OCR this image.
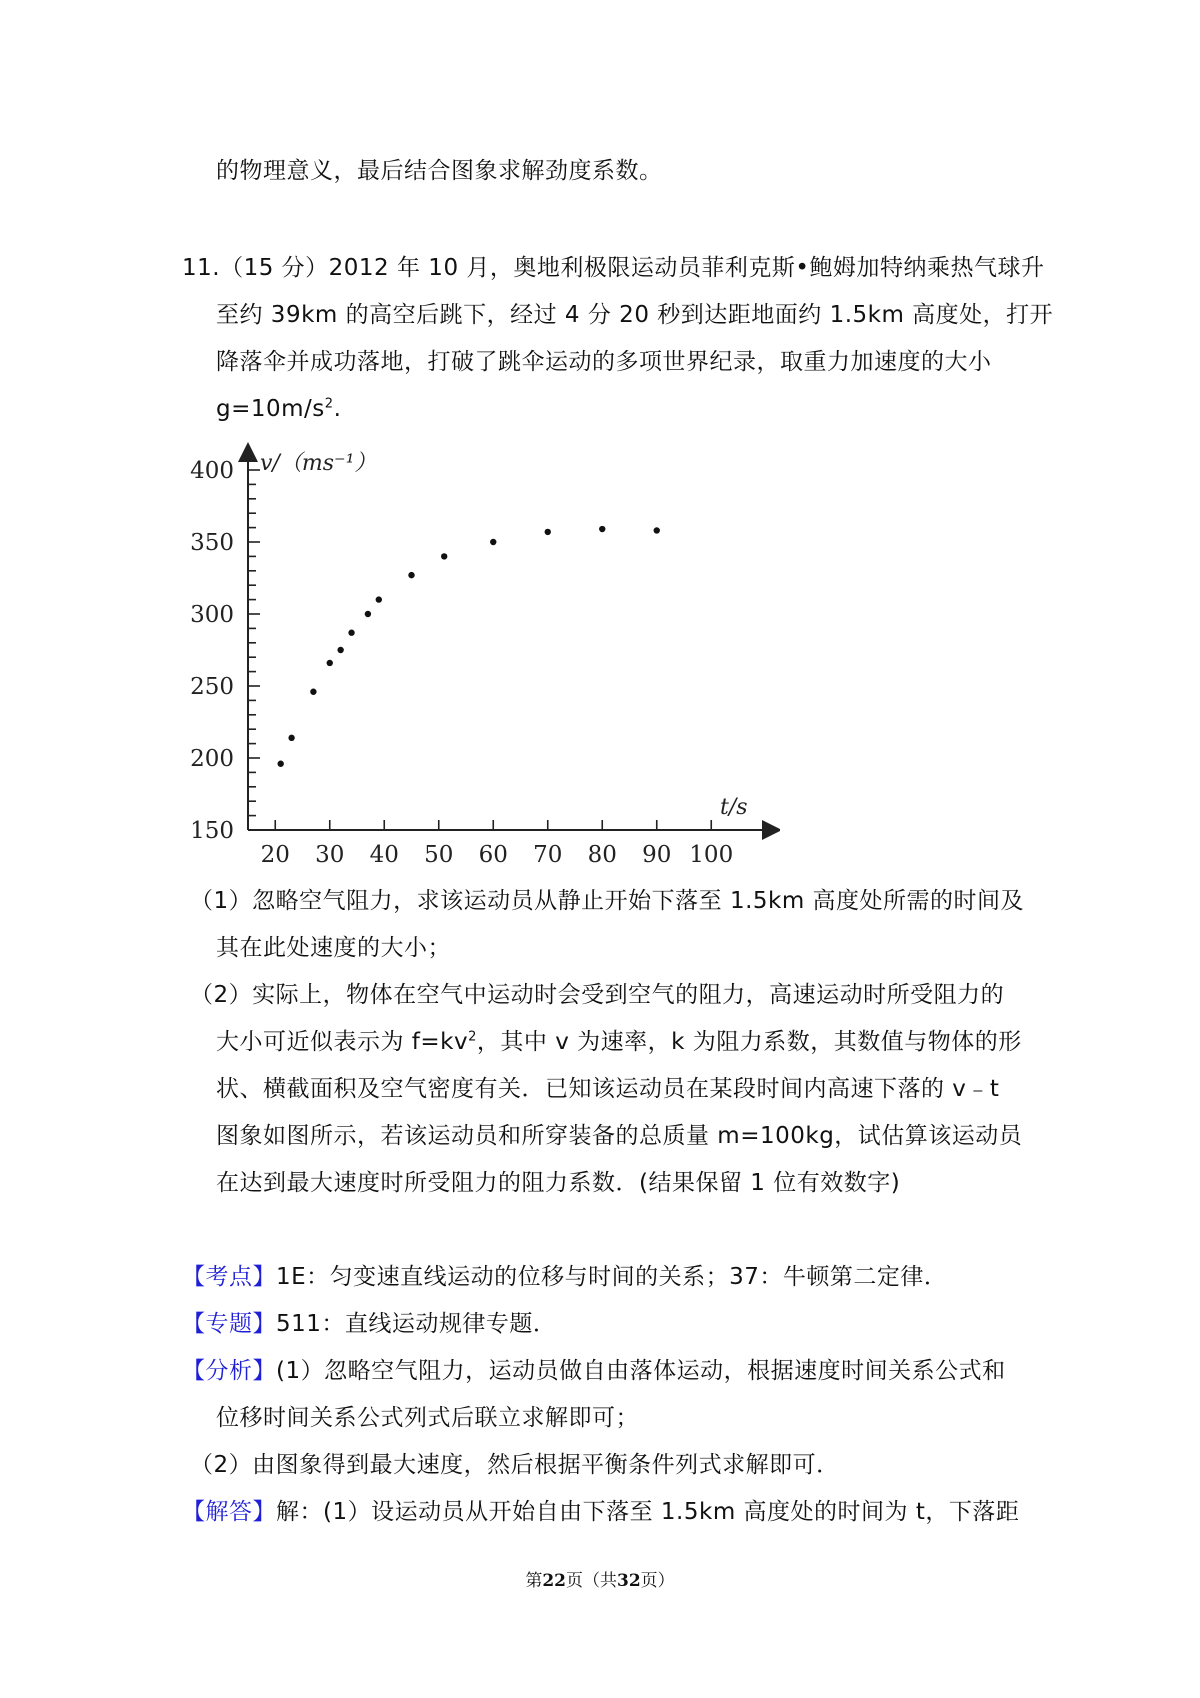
的物理意义，最后结合图象求解劲度系数。
11.（15 分）2012 年 10 月，奥地利极限运动员菲利克斯•鲍姆加特纳乘热气球升
至约 39km 的高空后跳下，经过 4 分 20 秒到达距地面约 1.5km 高度处，打开
降落伞并成功落地，打破了跳伞运动的多项世界纪录，取重力加速度的大小
$g=10m/s^2$.
150
200
250
300
350
400
20 30 40 50 60 70 80 90 100
v/（ms⁻¹）
t/s
（1）忽略空气阻力，求该运动员从静止开始下落至 1.5km 高度处所需的时间及
其在此处速度的大小；
（2）实际上，物体在空气中运动时会受到空气的阻力，高速运动时所受阻力的
大小可近似表示为 $f=kv^2$，其中 v 为速率，k 为阻力系数，其数值与物体的形
状、横截面积及空气密度有关．已知该运动员在某段时间内高速下落的 v﹣t
图象如图所示，若该运动员和所穿装备的总质量 m=100kg，试估算该运动员
在达到最大速度时所受阻力的阻力系数．(结果保留 1 位有效数字)
【考点】1E：匀变速直线运动的位移与时间的关系；37：牛顿第二定律．
【专题】511：直线运动规律专题．
【分析】(1）忽略空气阻力，运动员做自由落体运动，根据速度时间关系公式和
位移时间关系公式列式后联立求解即可；
（2）由图象得到最大速度，然后根据平衡条件列式求解即可．
【解答】解：(1）设运动员从开始自由下落至 1.5km 高度处的时间为 t，下落距
第22页（共32页）
